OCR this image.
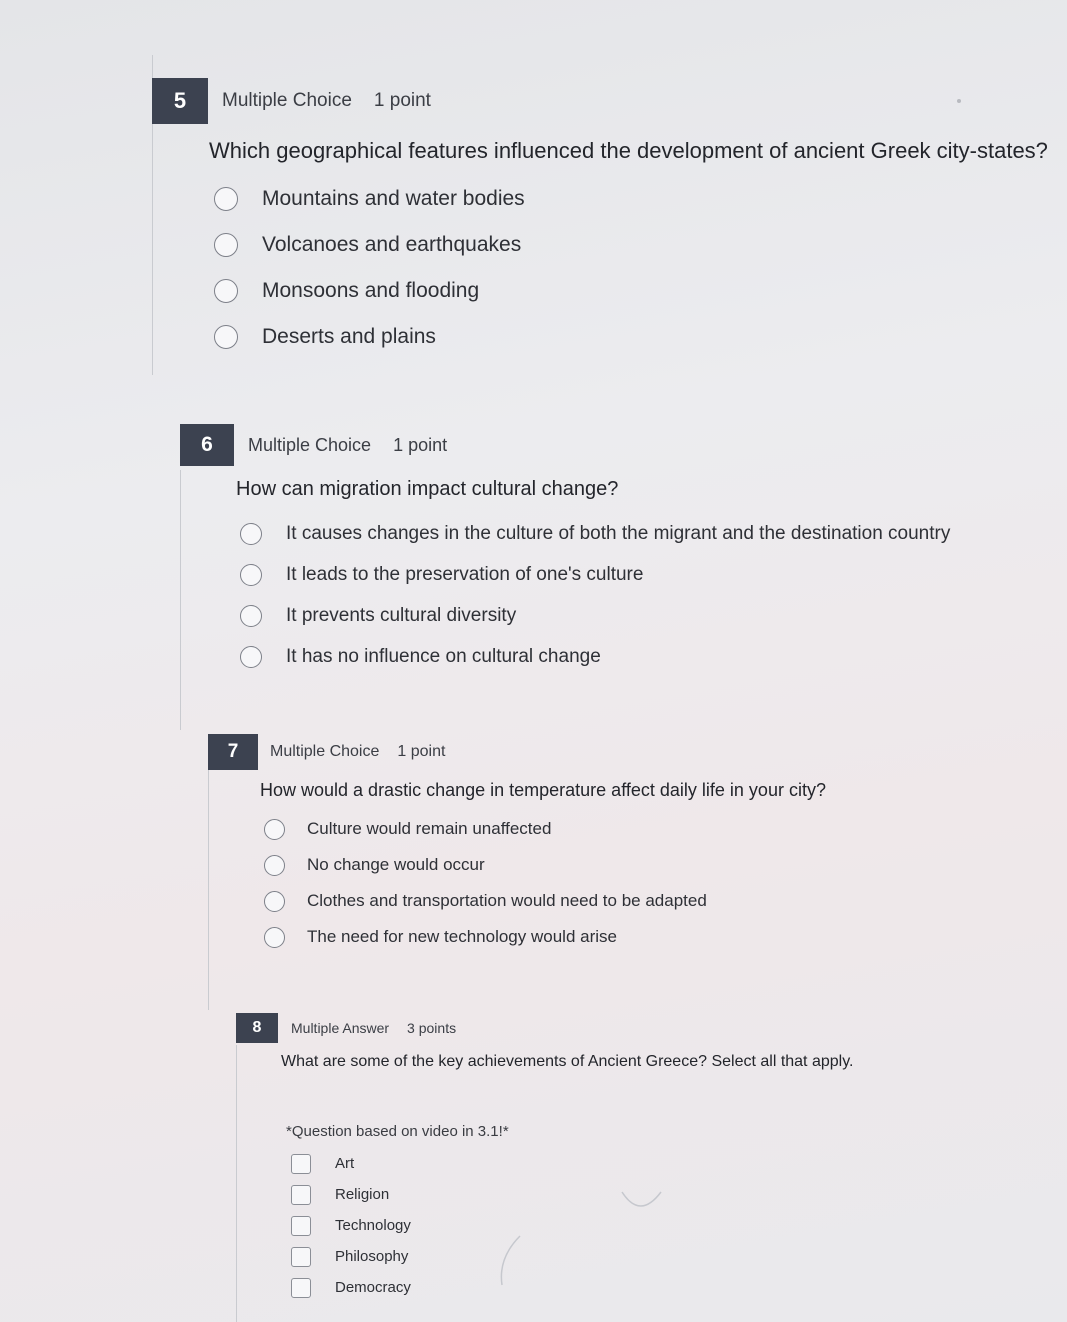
5	Multiple Choice 1 point
Which geographical features influenced the development of ancient Greek city-states?
Mountains and water bodies
Volcanoes and earthquakes
Monsoons and flooding
Deserts and plains
6	Multiple Choice 1 point
How can migration impact cultural change?
It causes changes in the culture of both the migrant and the destination country
It leads to the preservation of one's culture
It prevents cultural diversity
It has no influence on cultural change
7	Multiple Choice 1 point
How would a drastic change in temperature affect daily life in your city?
Culture would remain unaffected
No change would occur
Clothes and transportation would need to be adapted
The need for new technology would arise
8	Multiple Answer 3 points
What are some of the key achievements of Ancient Greece? Select all that apply.
*Question based on video in 3.1!*
Art
Religion
Technology
Philosophy
Democracy
